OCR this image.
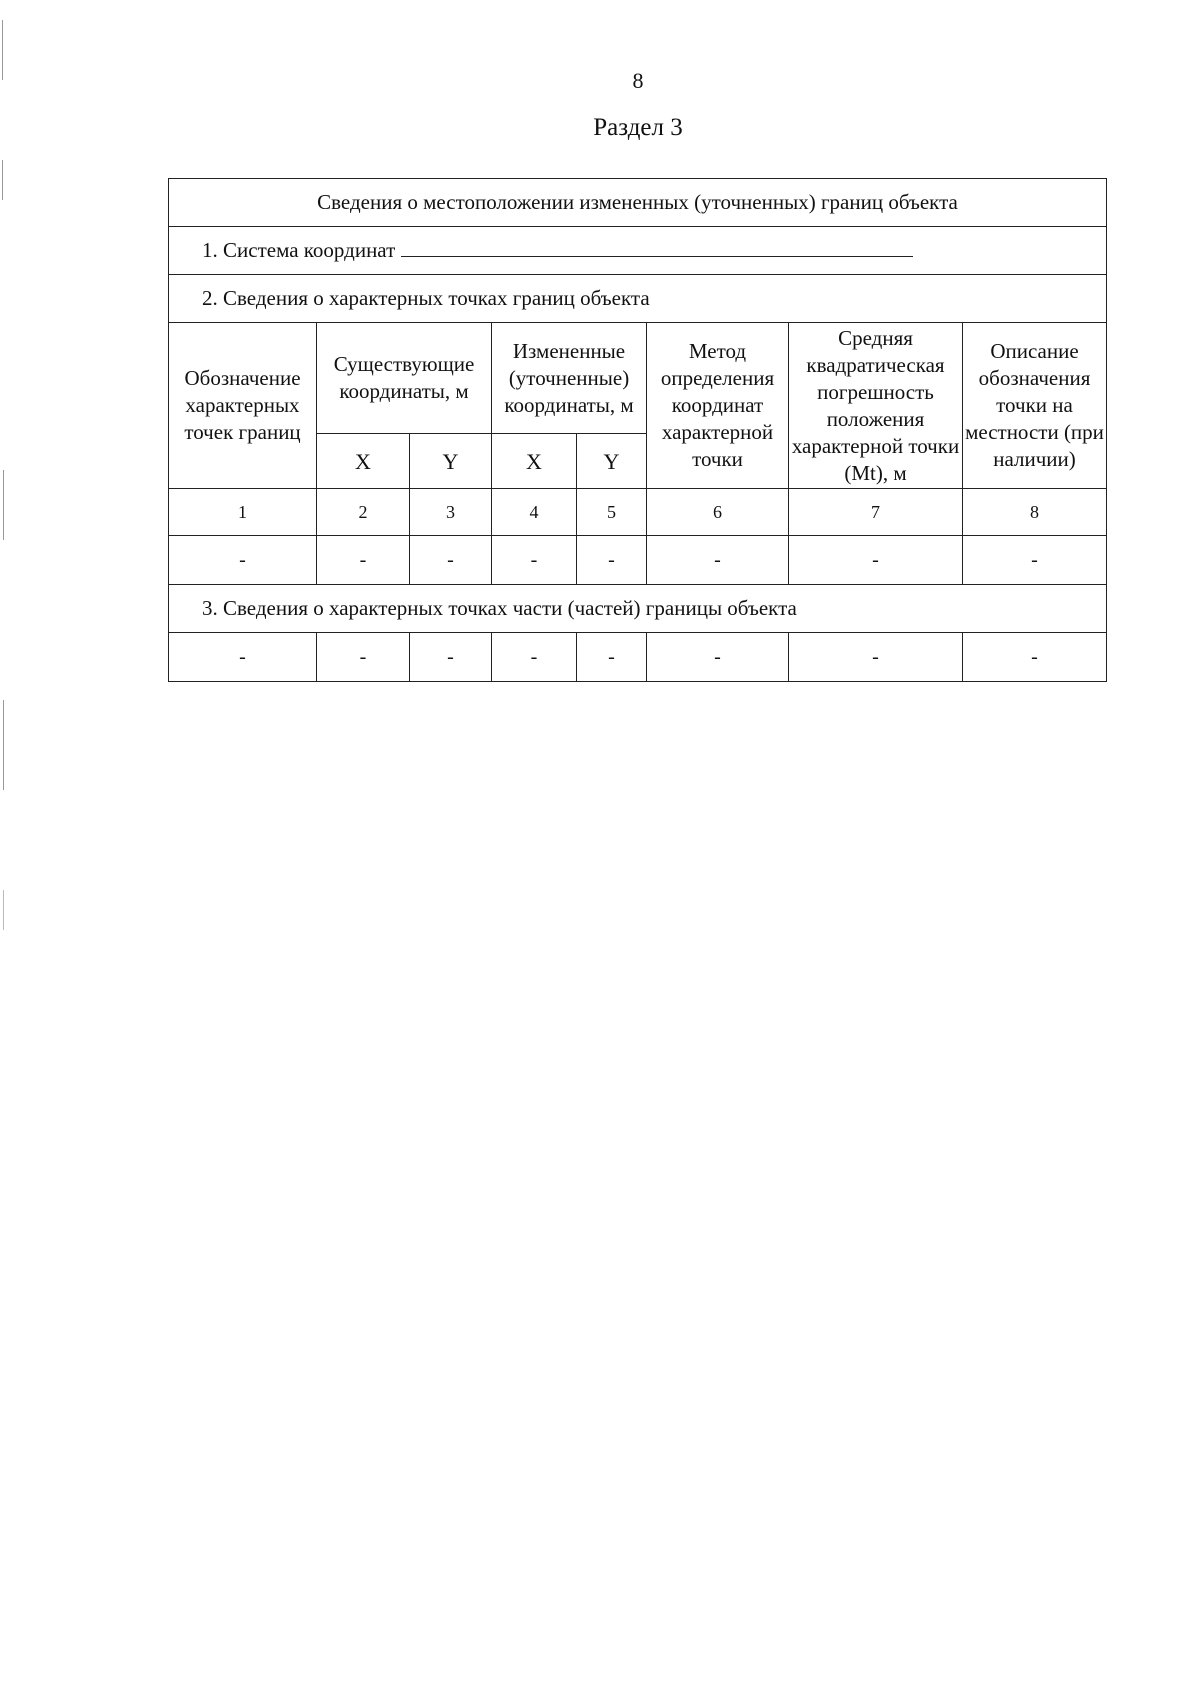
8
Раздел 3
Сведения о местоположении измененных (уточненных) границ объекта							
1. Система координат							
2. Сведения о характерных точках границ объекта							
Обозначение характерных точек границ	Существующие координаты, м		Измененные (уточненные) координаты, м		Метод определения координат характерной точки	Средняя квадратическая погрешность положения характерной точки (Mt), м	Описание обозначения точки на местности (при наличии)
	X	Y	X	Y			
1	2	3	4	5	6	7	8
-	-	-	-	-	-	-	-
3. Сведения о характерных точках части (частей) границы объекта							
-	-	-	-	-	-	-	-
